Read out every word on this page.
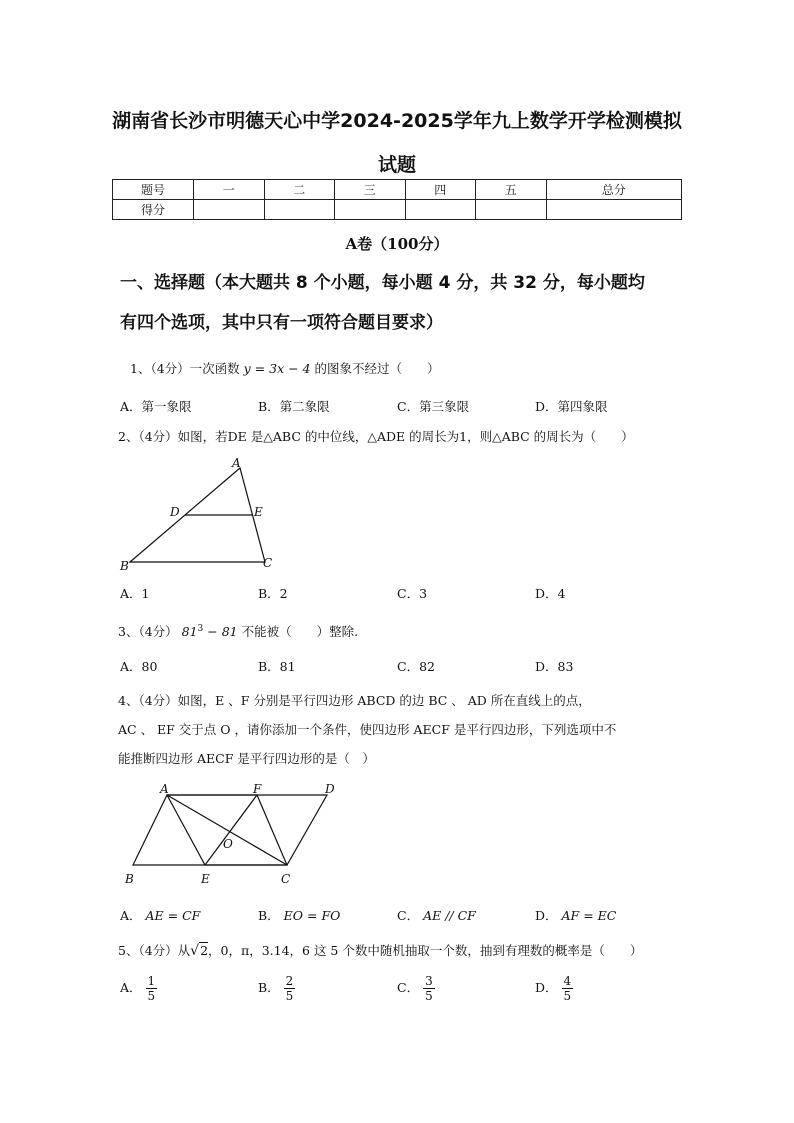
湖南省长沙市明德天心中学2024-2025学年九上数学开学检测模拟
试题
题号	一	二	三	四	五	总分
得分						
A卷（100分）
一、选择题（本大题共 8 个小题，每小题 4 分，共 32 分，每小题均
有四个选项，其中只有一项符合题目要求）
1、（4分）一次函数 y = 3x − 4 的图象不经过（　　）
A．第一象限	B．第二象限	C．第三象限	D．第四象限
2、（4分）如图，若DE 是△ABC 的中位线，△ADE 的周长为1，则△ABC 的周长为（　　）
A
B	C
D	E
A．1	B．2	C．3	D．4
3、（4分） $81^3 - 81$ 不能被（　　）整除.
A．80	B．81	C．82	D．83
4、（4分）如图，E 、F 分别是平行四边形 ABCD 的边 BC 、 AD 所在直线上的点，
AC 、 EF 交于点 O ，请你添加一个条件，使四边形 AECF 是平行四边形，下列选项中不
能推断四边形 AECF 是平行四边形的是（　）
A	F	D
O
B	E	C
A． AE = CF	B． EO = FO	C． AE // CF	D． AF = EC
5、（4分）从√2，0，π，3.14，6 这 5 个数中随机抽取一个数，抽到有理数的概率是（　　）
A． $\frac{1}{5}$	B． $\frac{2}{5}$	C． $\frac{3}{5}$	D． $\frac{4}{5}$
